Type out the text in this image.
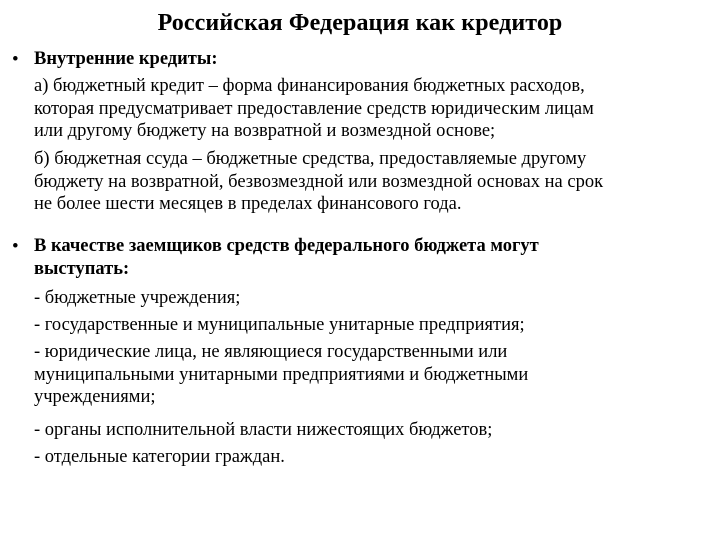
Российская Федерация как кредитор
• Внутренние кредиты:
а) бюджетный кредит – форма финансирования бюджетных расходов,
которая предусматривает предоставление средств юридическим лицам
или другому бюджету на возвратной и возмездной основе;
б) бюджетная ссуда – бюджетные средства, предоставляемые другому
бюджету на возвратной, безвозмездной или возмездной основах на срок
не более шести месяцев в пределах финансового года.
• В качестве заемщиков средств федерального бюджета могут
выступать:
- бюджетные учреждения;
- государственные и муниципальные унитарные предприятия;
- юридические лица, не являющиеся государственными или
муниципальными унитарными предприятиями и бюджетными
учреждениями;
- органы исполнительной власти нижестоящих бюджетов;
- отдельные категории граждан.
